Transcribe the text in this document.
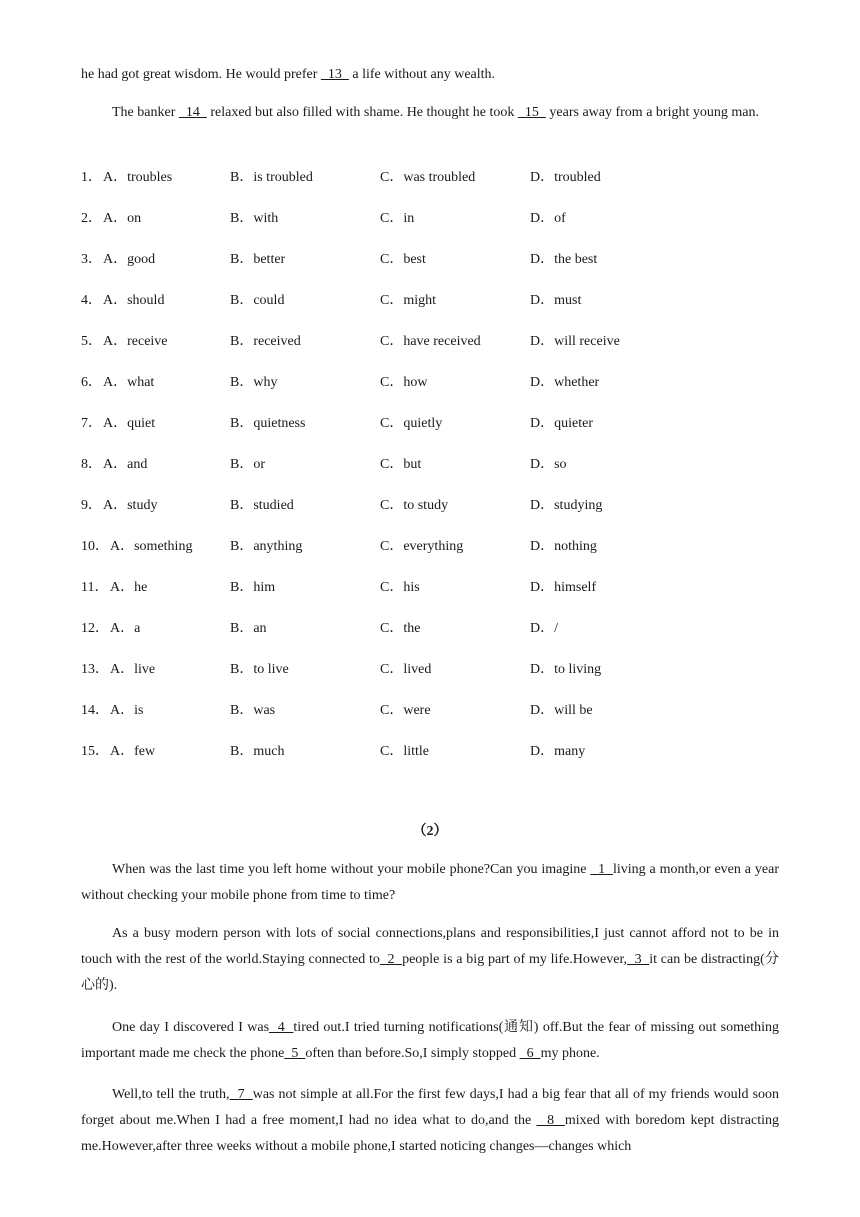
he had got great wisdom. He would prefer   13   a life without any wealth.

The banker   14   relaxed but also filled with shame. He thought he took   15   years away from a bright young man.

1． A．troubles	B．is troubled	C．was troubled	D．troubled
2． A．on	B．with	C．in	D．of
3． A．good	B．better	C．best	D．the best
4． A．should	B．could	C．might	D．must
5． A．receive	B．received	C．have received	D．will receive
6． A．what	B．why	C．how	D．whether
7． A．quiet	B．quietness	C．quietly	D．quieter
8． A．and	B．or	C．but	D．so
9． A．study	B．studied	C．to study	D．studying
10． A．something	B．anything	C．everything	D．nothing
11． A．he	B．him	C．his	D．himself
12． A．a	B．an	C．the	D．/
13． A．live	B．to live	C．lived	D．to living
14． A．is	B．was	C．were	D．will be
15． A．few	B．much	C．little	D．many
（2）

When was the last time you left home without your mobile phone?Can you imagine   1  living a month,or even a year without checking your mobile phone from time to time?

As a busy modern person with lots of social connections,plans and responsibilities,I just cannot afford not to be in touch with the rest of the world.Staying connected to  2  people is a big part of my life.However,  3  it can be distracting(分心的).

One day I discovered I was  4  tired out.I tried turning notifications(通知) off.But the fear of missing out something important made me check the phone  5  often than before.So,I simply stopped   6  my phone.

Well,to tell the truth,  7  was not simple at all.For the first few days,I had a big fear that all of my friends would soon forget about me.When I had a free moment,I had no idea what to do,and the   8  mixed with boredom kept distracting me.However,after three weeks without a mobile phone,I started noticing changes—changes which
